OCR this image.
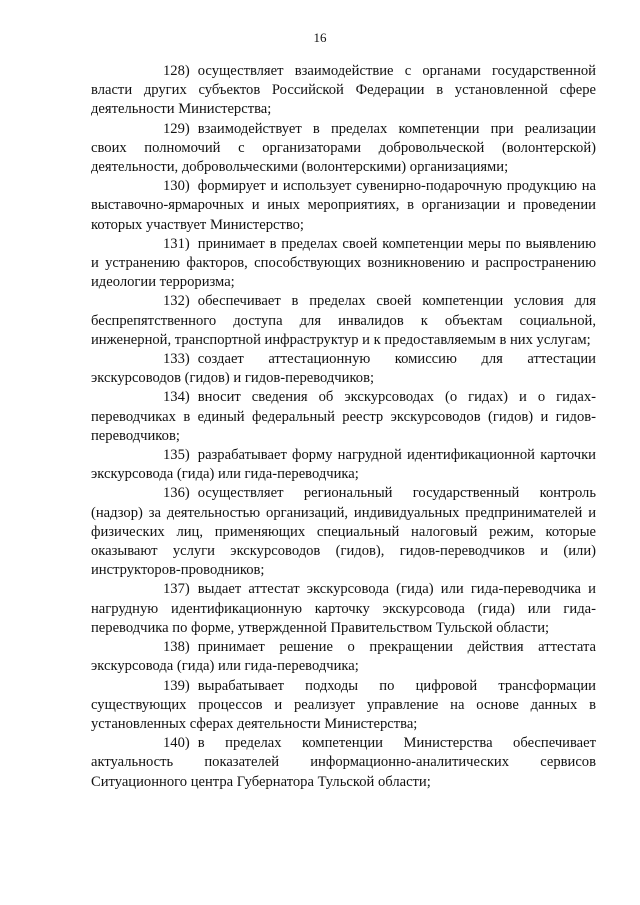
16

128) осуществляет взаимодействие с органами государственной власти других субъектов Российской Федерации в установленной сфере деятельности Министерства;

129) взаимодействует в пределах компетенции при реализации своих полномочий с организаторами добровольческой (волонтерской) деятельности, добровольческими (волонтерскими) организациями;

130) формирует и использует сувенирно-подарочную продукцию на выставочно-ярмарочных и иных мероприятиях, в организации и проведении которых участвует Министерство;

131) принимает в пределах своей компетенции меры по выявлению и устранению факторов, способствующих возникновению и распространению идеологии терроризма;

132) обеспечивает в пределах своей компетенции условия для беспрепятственного доступа для инвалидов к объектам социальной, инженерной, транспортной инфраструктур и к предоставляемым в них услугам;

133) создает аттестационную комиссию для аттестации экскурсоводов (гидов) и гидов-переводчиков;

134) вносит сведения об экскурсоводах (о гидах) и о гидах-переводчиках в единый федеральный реестр экскурсоводов (гидов) и гидов-переводчиков;

135) разрабатывает форму нагрудной идентификационной карточки экскурсовода (гида) или гида-переводчика;

136) осуществляет региональный государственный контроль (надзор) за деятельностью организаций, индивидуальных предпринимателей и физических лиц, применяющих специальный налоговый режим, которые оказывают услуги экскурсоводов (гидов), гидов-переводчиков и (или) инструкторов-проводников;

137) выдает аттестат экскурсовода (гида) или гида-переводчика и нагрудную идентификационную карточку экскурсовода (гида) или гида-переводчика по форме, утвержденной Правительством Тульской области;

138) принимает решение о прекращении действия аттестата экскурсовода (гида) или гида-переводчика;

139) вырабатывает подходы по цифровой трансформации существующих процессов и реализует управление на основе данных в установленных сферах деятельности Министерства;

140) в пределах компетенции Министерства обеспечивает актуальность показателей информационно-аналитических сервисов Ситуационного центра Губернатора Тульской области;
